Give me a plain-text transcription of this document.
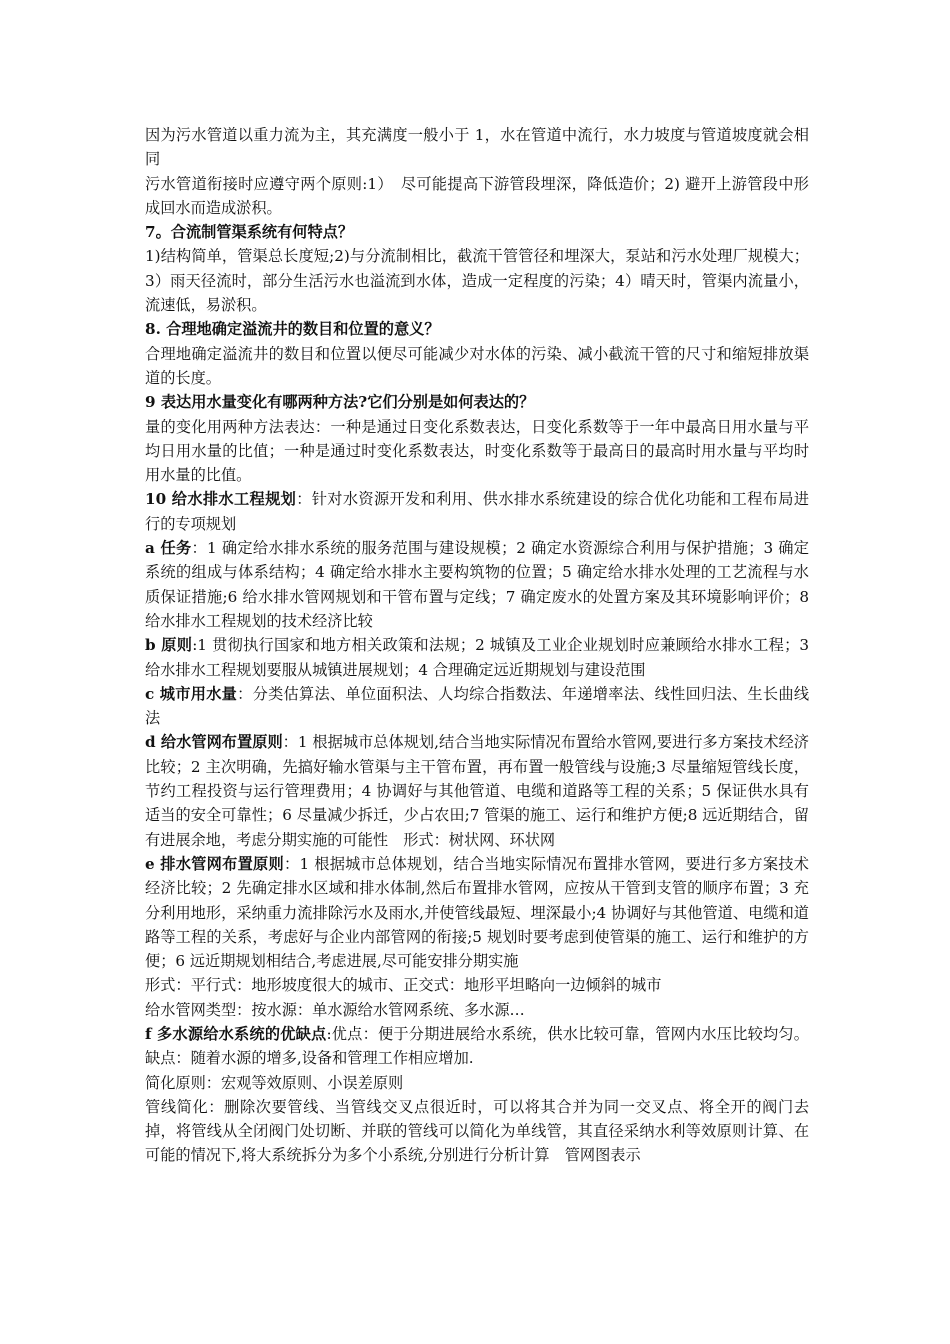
因为污水管道以重力流为主，其充满度一般小于 1，水在管道中流行，水力坡度与管道坡度就会相同

污水管道衔接时应遵守两个原则:1）　尽可能提高下游管段埋深，降低造价；2) 避开上游管段中形成回水而造成淤积。

7。合流制管渠系统有何特点？

1)结构简单，管渠总长度短;2)与分流制相比，截流干管管径和埋深大，泵站和污水处理厂规模大；3）雨天径流时，部分生活污水也溢流到水体，造成一定程度的污染；4）晴天时，管渠内流量小，流速低，易淤积。

8. 合理地确定溢流井的数目和位置的意义？

合理地确定溢流井的数目和位置以便尽可能减少对水体的污染、减小截流干管的尺寸和缩短排放渠道的长度。

9 表达用水量变化有哪两种方法?它们分别是如何表达的？

量的变化用两种方法表达：一种是通过日变化系数表达，日变化系数等于一年中最高日用水量与平均日用水量的比值；一种是通过时变化系数表达，时变化系数等于最高日的最高时用水量与平均时用水量的比值。

10 给水排水工程规划：针对水资源开发和利用、供水排水系统建设的综合优化功能和工程布局进行的专项规划

a 任务：1 确定给水排水系统的服务范围与建设规模；2 确定水资源综合利用与保护措施；3 确定系统的组成与体系结构；4 确定给水排水主要构筑物的位置；5 确定给水排水处理的工艺流程与水质保证措施;6 给水排水管网规划和干管布置与定线；7 确定废水的处置方案及其环境影响评价；8 给水排水工程规划的技术经济比较

b 原则:1 贯彻执行国家和地方相关政策和法规；2 城镇及工业企业规划时应兼顾给水排水工程；3 给水排水工程规划要服从城镇进展规划；4 合理确定远近期规划与建设范围

c 城市用水量：分类估算法、单位面积法、人均综合指数法、年递增率法、线性回归法、生长曲线法

d 给水管网布置原则：1 根据城市总体规划,结合当地实际情况布置给水管网,要进行多方案技术经济比较；2 主次明确，先搞好输水管渠与主干管布置，再布置一般管线与设施;3 尽量缩短管线长度，节约工程投资与运行管理费用；4 协调好与其他管道、电缆和道路等工程的关系；5 保证供水具有适当的安全可靠性；6 尽量减少拆迁，少占农田;7 管渠的施工、运行和维护方便;8 远近期结合，留有进展余地，考虑分期实施的可能性　形式：树状网、环状网

e 排水管网布置原则：1 根据城市总体规划，结合当地实际情况布置排水管网，要进行多方案技术经济比较；2 先确定排水区域和排水体制,然后布置排水管网，应按从干管到支管的顺序布置；3 充分利用地形，采纳重力流排除污水及雨水,并使管线最短、埋深最小;4 协调好与其他管道、电缆和道路等工程的关系，考虑好与企业内部管网的衔接;5 规划时要考虑到使管渠的施工、运行和维护的方便；6 远近期规划相结合,考虑进展,尽可能安排分期实施

形式：平行式：地形坡度很大的城市、正交式：地形平坦略向一边倾斜的城市

给水管网类型：按水源：单水源给水管网系统、多水源…

f 多水源给水系统的优缺点:优点：便于分期进展给水系统，供水比较可靠，管网内水压比较均匀。缺点：随着水源的增多,设备和管理工作相应增加.

简化原则：宏观等效原则、小误差原则

管线简化：删除次要管线、当管线交叉点很近时，可以将其合并为同一交叉点、将全开的阀门去掉，将管线从全闭阀门处切断、并联的管线可以简化为单线管，其直径采纳水利等效原则计算、在可能的情况下,将大系统拆分为多个小系统,分别进行分析计算　管网图表示
